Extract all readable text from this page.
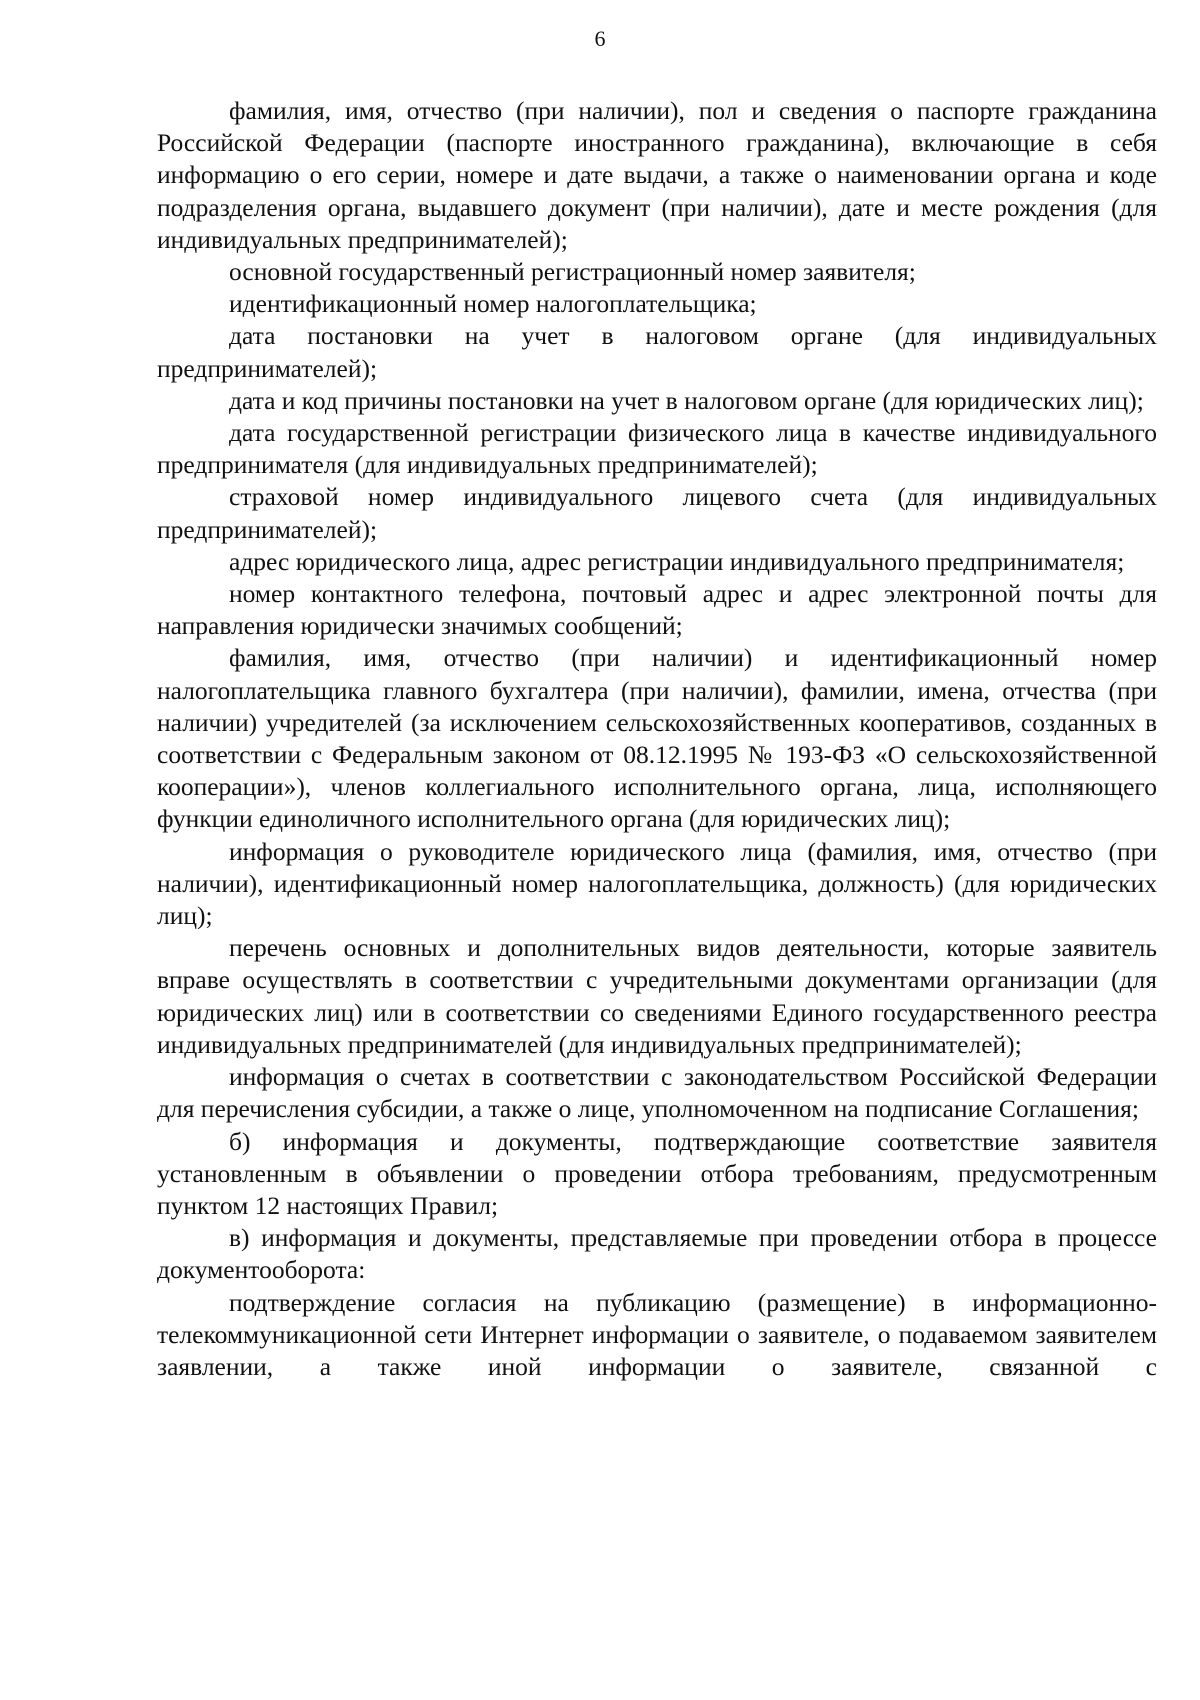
6

фамилия, имя, отчество (при наличии), пол и сведения о паспорте гражданина Российской Федерации (паспорте иностранного гражданина), включающие в себя информацию о его серии, номере и дате выдачи, а также о наименовании органа и коде подразделения органа, выдавшего документ (при наличии), дате и месте рождения (для индивидуальных предпринимателей);

основной государственный регистрационный номер заявителя;

идентификационный номер налогоплательщика;

дата постановки на учет в налоговом органе (для индивидуальных предпринимателей);

дата и код причины постановки на учет в налоговом органе (для юридических лиц);

дата государственной регистрации физического лица в качестве индивидуального предпринимателя (для индивидуальных предпринимателей);

страховой номер индивидуального лицевого счета (для индивидуальных предпринимателей);

адрес юридического лица, адрес регистрации индивидуального предпринимателя;

номер контактного телефона, почтовый адрес и адрес электронной почты для направления юридически значимых сообщений;

фамилия, имя, отчество (при наличии) и идентификационный номер налогоплательщика главного бухгалтера (при наличии), фамилии, имена, отчества (при наличии) учредителей (за исключением сельскохозяйственных кооперативов, созданных в соответствии с Федеральным законом от 08.12.1995 № 193-ФЗ «О сельскохозяйственной кооперации»), членов коллегиального исполнительного органа, лица, исполняющего функции единоличного исполнительного органа (для юридических лиц);

информация о руководителе юридического лица (фамилия, имя, отчество (при наличии), идентификационный номер налогоплательщика, должность) (для юридических лиц);

перечень основных и дополнительных видов деятельности, которые заявитель вправе осуществлять в соответствии с учредительными документами организации (для юридических лиц) или в соответствии со сведениями Единого государственного реестра индивидуальных предпринимателей (для индивидуальных предпринимателей);

информация о счетах в соответствии с законодательством Российской Федерации для перечисления субсидии, а также о лице, уполномоченном на подписание Соглашения;

б) информация и документы, подтверждающие соответствие заявителя установленным в объявлении о проведении отбора требованиям, предусмотренным пунктом 12 настоящих Правил;

в) информация и документы, представляемые при проведении отбора в процессе документооборота:

подтверждение согласия на публикацию (размещение) в информационно-телекоммуникационной сети Интернет информации о заявителе, о подаваемом заявителем заявлении, а также иной информации о заявителе, связанной с
